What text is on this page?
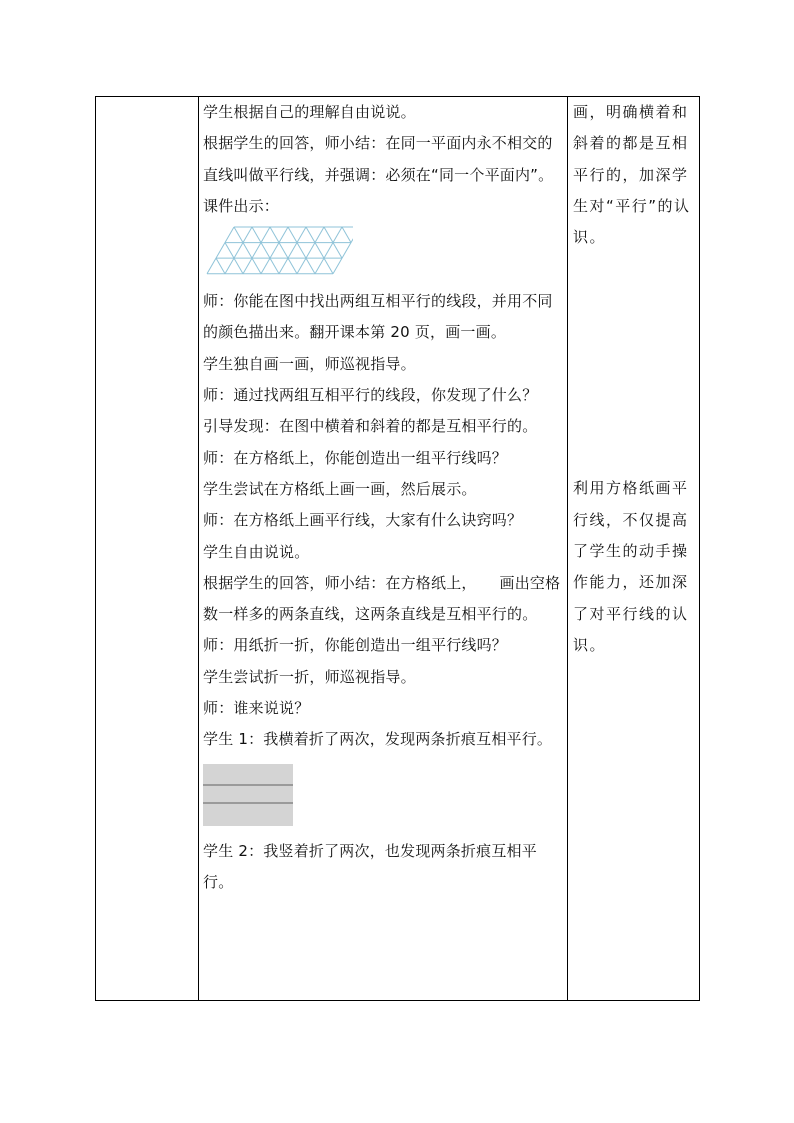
学生根据自己的理解自由说说。

根据学生的回答，师小结：在同一平面内永不相交的直线叫做平行线，并强调：必须在“同一个平面内”。

课件出示：

师：你能在图中找出两组互相平行的线段，并用不同的颜色描出来。翻开课本第 20 页，画一画。

学生独自画一画，师巡视指导。

师：通过找两组互相平行的线段，你发现了什么？

引导发现：在图中横着和斜着的都是互相平行的。

师：在方格纸上，你能创造出一组平行线吗？

学生尝试在方格纸上画一画，然后展示。

师：在方格纸上画平行线，大家有什么诀窍吗？

学生自由说说。

根据学生的回答，师小结：在方格纸上，　　画出空格数一样多的两条直线，这两条直线是互相平行的。

师：用纸折一折，你能创造出一组平行线吗？

学生尝试折一折，师巡视指导。

师：谁来说说？

学生 1：我横着折了两次，发现两条折痕互相平行。

学生 2：我竖着折了两次，也发现两条折痕互相平行。

画，明确横着和斜着的都是互相平行的，加深学生对“平行”的认识。

利用方格纸画平行线，不仅提高了学生的动手操作能力，还加深了对平行线的认识。
